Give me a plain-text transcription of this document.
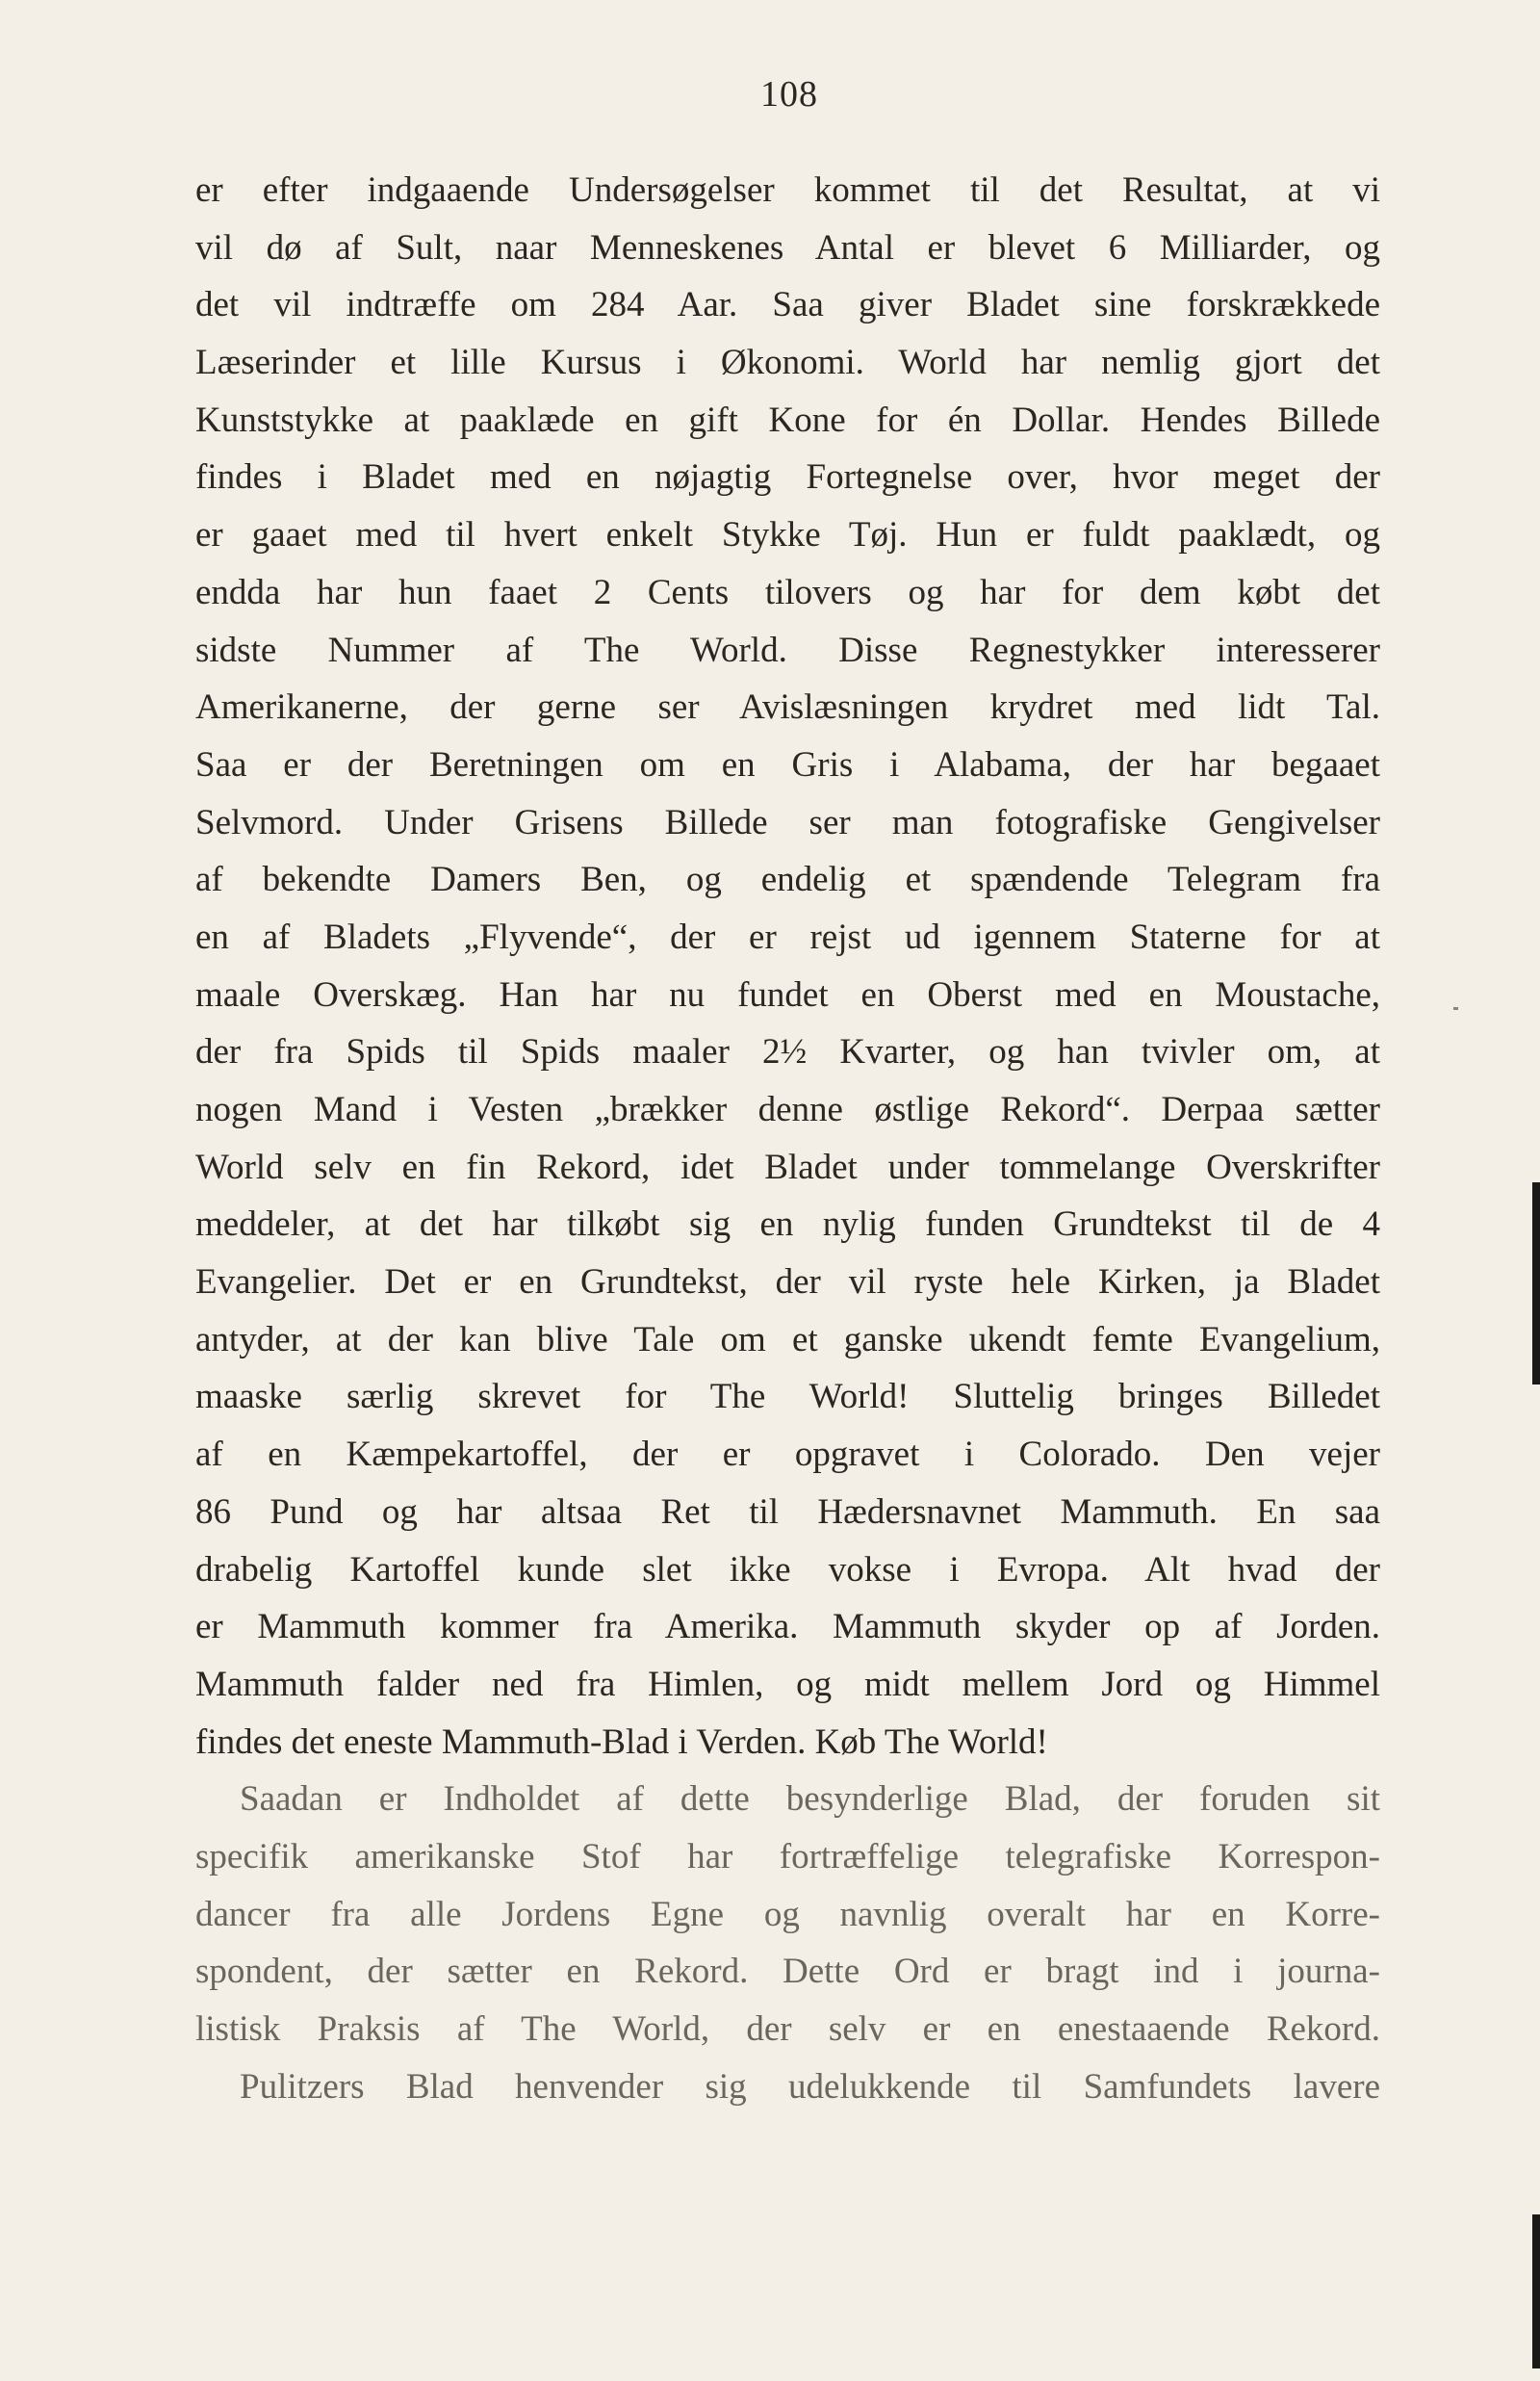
108
er efter indgaaende Undersøgelser kommet til det Resultat, at vi
vil dø af Sult, naar Menneskenes Antal er blevet 6 Milliarder, og
det vil indtræffe om 284 Aar. Saa giver Bladet sine forskrækkede
Læserinder et lille Kursus i Økonomi. World har nemlig gjort det
Kunststykke at paaklæde en gift Kone for én Dollar. Hendes Billede
findes i Bladet med en nøjagtig Fortegnelse over, hvor meget der
er gaaet med til hvert enkelt Stykke Tøj. Hun er fuldt paaklædt, og
endda har hun faaet 2 Cents tilovers og har for dem købt det
sidste Nummer af The World. Disse Regnestykker interesserer
Amerikanerne, der gerne ser Avislæsningen krydret med lidt Tal.
Saa er der Beretningen om en Gris i Alabama, der har begaaet
Selvmord. Under Grisens Billede ser man fotografiske Gengivelser
af bekendte Damers Ben, og endelig et spændende Telegram fra
en af Bladets „Flyvende“, der er rejst ud igennem Staterne for at
maale Overskæg. Han har nu fundet en Oberst med en Moustache,
der fra Spids til Spids maaler 2½ Kvarter, og han tvivler om, at
nogen Mand i Vesten „brækker denne østlige Rekord“. Derpaa sætter
World selv en fin Rekord, idet Bladet under tommelange Overskrifter
meddeler, at det har tilkøbt sig en nylig funden Grundtekst til de 4
Evangelier. Det er en Grundtekst, der vil ryste hele Kirken, ja Bladet
antyder, at der kan blive Tale om et ganske ukendt femte Evangelium,
maaske særlig skrevet for The World! Sluttelig bringes Billedet
af en Kæmpekartoffel, der er opgravet i Colorado. Den vejer
86 Pund og har altsaa Ret til Hædersnavnet Mammuth. En saa
drabelig Kartoffel kunde slet ikke vokse i Evropa. Alt hvad der
er Mammuth kommer fra Amerika. Mammuth skyder op af Jorden.
Mammuth falder ned fra Himlen, og midt mellem Jord og Himmel
findes det eneste Mammuth-Blad i Verden. Køb The World!
Saadan er Indholdet af dette besynderlige Blad, der foruden sit
specifik amerikanske Stof har fortræffelige telegrafiske Korrespon-
dancer fra alle Jordens Egne og navnlig overalt har en Korre-
spondent, der sætter en Rekord. Dette Ord er bragt ind i journa-
listisk Praksis af The World, der selv er en enestaaende Rekord.
Pulitzers Blad henvender sig udelukkende til Samfundets lavere
